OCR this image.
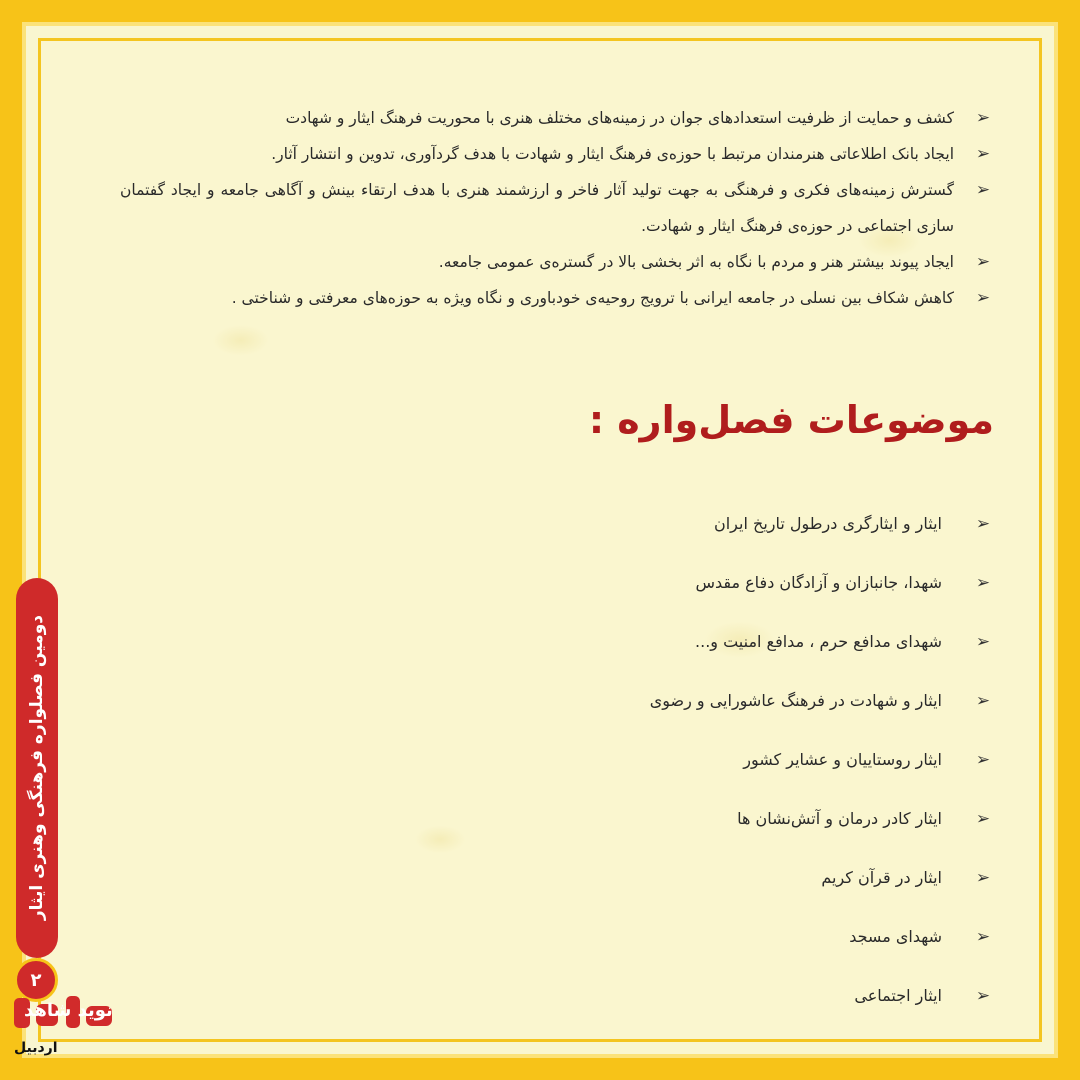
➢
کشف و حمایت از ظرفیت استعدادهای جوان در زمینه‌های مختلف هنری با محوریت فرهنگ ایثار و شهادت
➢
ایجاد بانک اطلاعاتی هنرمندان مرتبط با حوزه‌ی فرهنگ ایثار و شهادت با هدف گردآوری، تدوین و انتشار آثار.
➢
گسترش زمینه‌های فکری و فرهنگی به جهت تولید آثار فاخر و ارزشمند هنری با هدف ارتقاء بینش و آگاهی جامعه و ایجاد گفتمان سازی اجتماعی در حوزه‌ی فرهنگ ایثار و شهادت.
➢
ایجاد پیوند بیشتر هنر و مردم با نگاه به اثر بخشی بالا در گستره‌ی عمومی جامعه.
➢
کاهش شکاف بین نسلی در جامعه ایرانی با ترویج روحیه‌ی خودباوری و نگاه ویژه به حوزه‌های معرفتی و شناختی .
موضوعات فصل‌واره :
➢
ایثار و ایثارگری درطول تاریخ ایران
➢
شهدا، جانبازان و آزادگان دفاع مقدس
➢
شهدای مدافع حرم ، مدافع امنیت و...
➢
ایثار و شهادت در فرهنگ عاشورایی و رضوی
➢
ایثار روستاییان و عشایر کشور
➢
ایثار کادر درمان و آتش‌نشان ها
➢
ایثار در قرآن کریم
➢
شهدای مسجد
➢
ایثار اجتماعی
دومین فصلواره فرهنگی وهنری ایثار
۲
نوید شاهد
اردبیل
